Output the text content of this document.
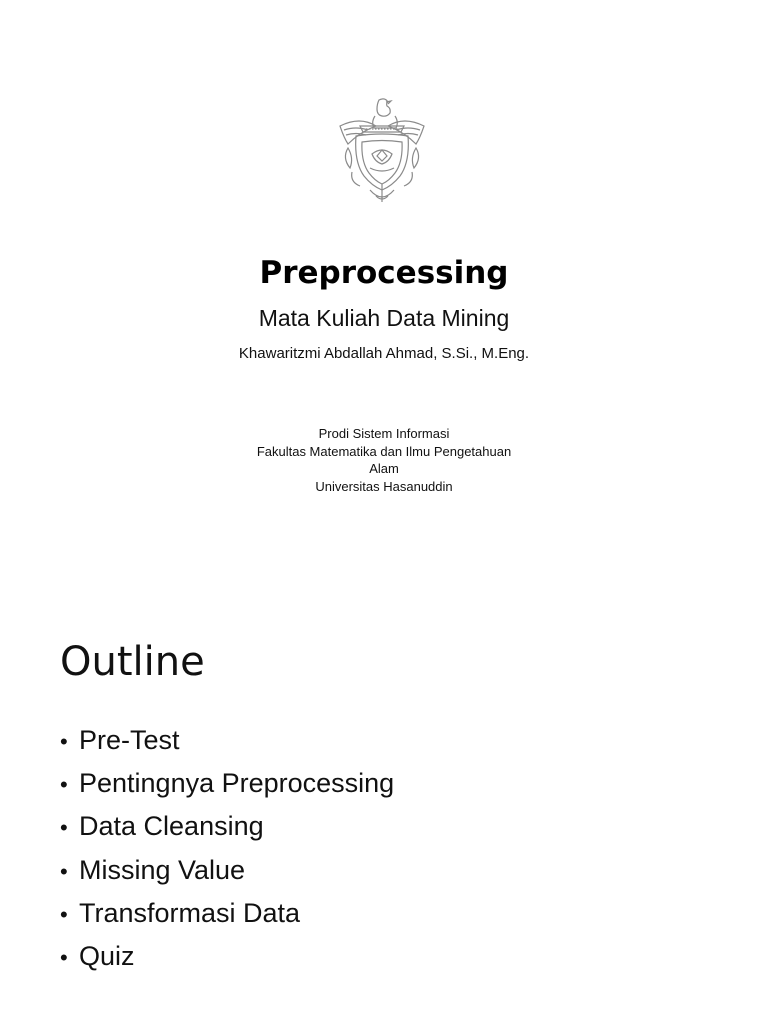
Preprocessing
Mata Kuliah Data Mining
Khawaritzmi Abdallah Ahmad, S.Si., M.Eng.
Prodi Sistem Informasi
Fakultas Matematika dan Ilmu Pengetahuan
Alam
Universitas Hasanuddin
Outline
• Pre-Test
• Pentingnya Preprocessing
• Data Cleansing
• Missing Value
• Transformasi Data
• Quiz
